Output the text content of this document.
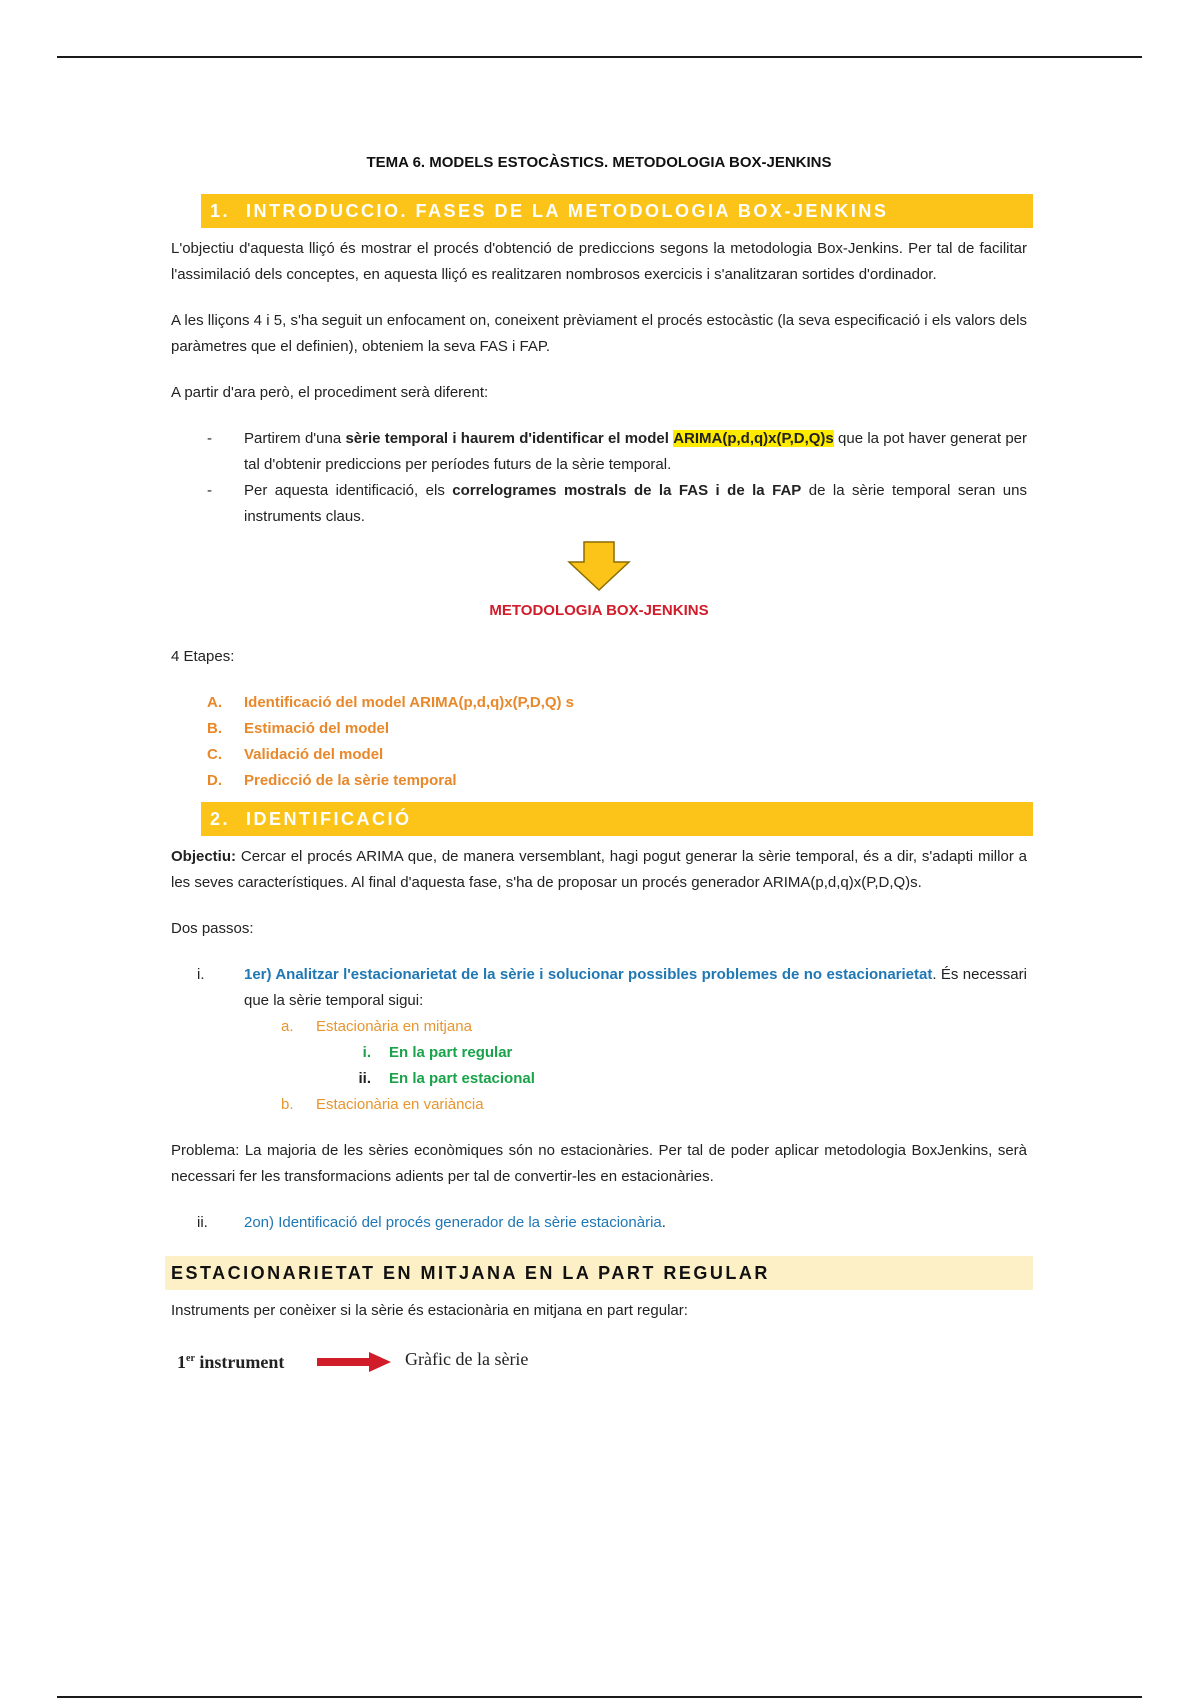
TEMA 6. MODELS ESTOCÀSTICS. METODOLOGIA BOX-JENKINS
1. INTRODUCCIO. FASES DE LA METODOLOGIA BOX-JENKINS

L'objectiu d'aquesta lliçó és mostrar el procés d'obtenció de prediccions segons la metodologia Box-Jenkins. Per tal de facilitar l'assimilació dels conceptes, en aquesta lliçó es realitzaren nombrosos exercicis i s'analitzaran sortides d'ordinador.

A les lliçons 4 i 5, s'ha seguit un enfocament on, coneixent prèviament el procés estocàstic (la seva especificació i els valors dels paràmetres que el definien), obteniem la seva FAS i FAP.

A partir d'ara però, el procediment serà diferent:

- Partirem d'una sèrie temporal i haurem d'identificar el model ARIMA(p,d,q)x(P,D,Q)s que la pot haver generat per tal d'obtenir prediccions per períodes futurs de la sèrie temporal.
- Per aquesta identificació, els correlogrames mostrals de la FAS i de la FAP de la sèrie temporal seran uns instruments claus.
METODOLOGIA BOX-JENKINS

4 Etapes:

A. Identificació del model ARIMA(p,d,q)x(P,D,Q) s
B. Estimació del model
C. Validació del model
D. Predicció de la sèrie temporal
2. IDENTIFICACIÓ

Objectiu: Cercar el procés ARIMA que, de manera versemblant, hagi pogut generar la sèrie temporal, és a dir, s'adapti millor a les seves característiques. Al final d'aquesta fase, s'ha de proposar un procés generador ARIMA(p,d,q)x(P,D,Q)s.

Dos passos:

i.	1er) Analitzar l'estacionarietat de la sèrie i solucionar possibles problemes de no estacionarietat. És necessari que la sèrie temporal sigui:
a. Estacionària en mitjana
i. En la part regular
ii. En la part estacional
b. Estacionària en variància

Problema: La majoria de les sèries econòmiques són no estacionàries. Per tal de poder aplicar metodologia BoxJenkins, serà necessari fer les transformacions adients per tal de convertir-les en estacionàries.

ii. 2on) Identificació del procés generador de la sèrie estacionària.
ESTACIONARIETAT EN MITJANA EN LA PART REGULAR

Instruments per conèixer si la sèrie és estacionària en mitjana en part regular:

1er instrument	Gràfic de la sèrie
